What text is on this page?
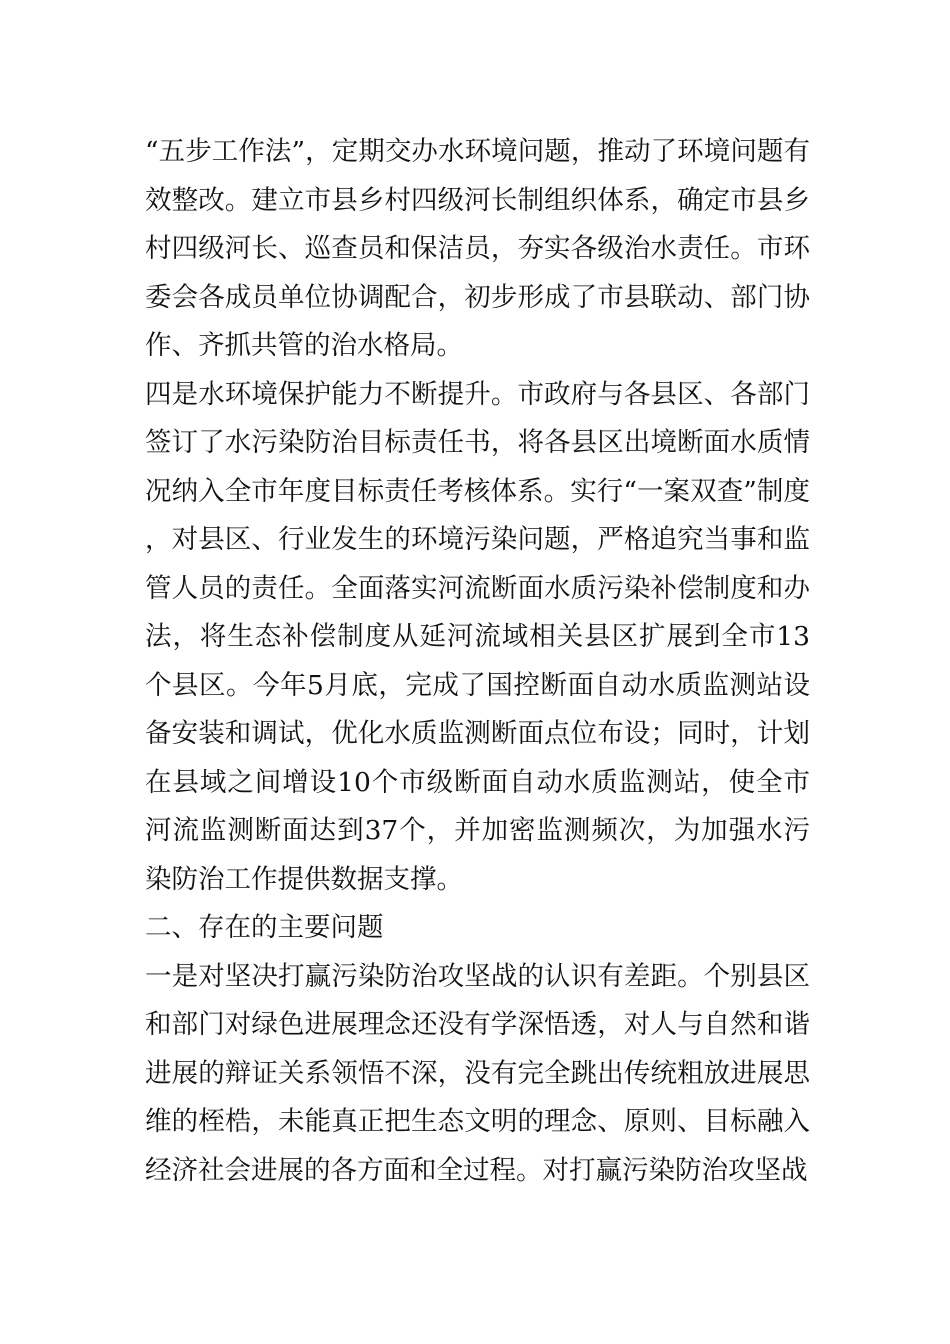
“五步工作法”，定期交办水环境问题，推动了环境问题有效整改。建立市县乡村四级河长制组织体系，确定市县乡村四级河长、巡查员和保洁员，夯实各级治水责任。市环委会各成员单位协调配合，初步形成了市县联动、部门协作、齐抓共管的治水格局。

四是水环境保护能力不断提升。市政府与各县区、各部门签订了水污染防治目标责任书，将各县区出境断面水质情况纳入全市年度目标责任考核体系。实行“一案双查”制度，对县区、行业发生的环境污染问题，严格追究当事和监管人员的责任。全面落实河流断面水质污染补偿制度和办法，将生态补偿制度从延河流域相关县区扩展到全市13个县区。今年5月底，完成了国控断面自动水质监测站设备安装和调试，优化水质监测断面点位布设；同时，计划在县域之间增设10个市级断面自动水质监测站，使全市河流监测断面达到37个，并加密监测频次，为加强水污染防治工作提供数据支撑。

二、存在的主要问题

一是对坚决打赢污染防治攻坚战的认识有差距。个别县区和部门对绿色进展理念还没有学深悟透，对人与自然和谐进展的辩证关系领悟不深，没有完全跳出传统粗放进展思维的桎梏，未能真正把生态文明的理念、原则、目标融入经济社会进展的各方面和全过程。对打赢污染防治攻坚战
